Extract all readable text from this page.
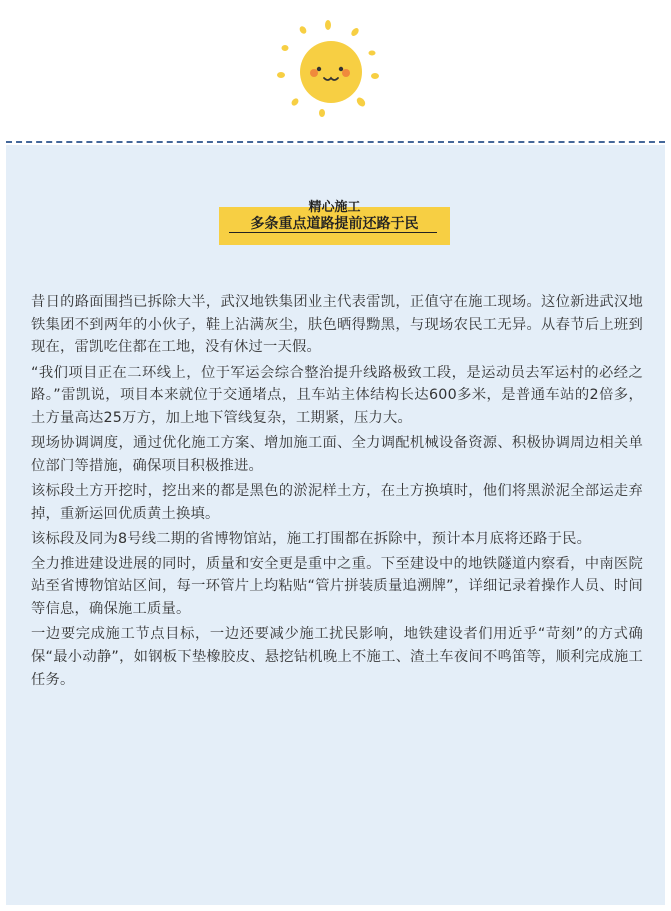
精心施工
多条重点道路提前还路于民

昔日的路面围挡已拆除大半，武汉地铁集团业主代表雷凯，正值守在施工现场。这位新进武汉地铁集团不到两年的小伙子，鞋上沾满灰尘，肤色晒得黝黑，与现场农民工无异。从春节后上班到现在，雷凯吃住都在工地，没有休过一天假。

“我们项目正在二环线上，位于军运会综合整治提升线路极致工段，是运动员去军运村的必经之路。”雷凯说，项目本来就位于交通堵点，且车站主体结构长达600多米，是普通车站的2倍多，土方量高达25万方，加上地下管线复杂，工期紧，压力大。

现场协调调度，通过优化施工方案、增加施工面、全力调配机械设备资源、积极协调周边相关单位部门等措施，确保项目积极推进。

该标段土方开挖时，挖出来的都是黑色的淤泥样土方，在土方换填时，他们将黑淤泥全部运走弃掉，重新运回优质黄土换填。

该标段及同为8号线二期的省博物馆站，施工打围都在拆除中，预计本月底将还路于民。

全力推进建设进展的同时，质量和安全更是重中之重。下至建设中的地铁隧道内察看，中南医院站至省博物馆站区间，每一环管片上均粘贴“管片拼装质量追溯牌”，详细记录着操作人员、时间等信息，确保施工质量。

一边要完成施工节点目标，一边还要减少施工扰民影响，地铁建设者们用近乎“苛刻”的方式确保“最小动静”，如钢板下垫橡胶皮、悬挖钻机晚上不施工、渣土车夜间不鸣笛等，顺利完成施工任务。
